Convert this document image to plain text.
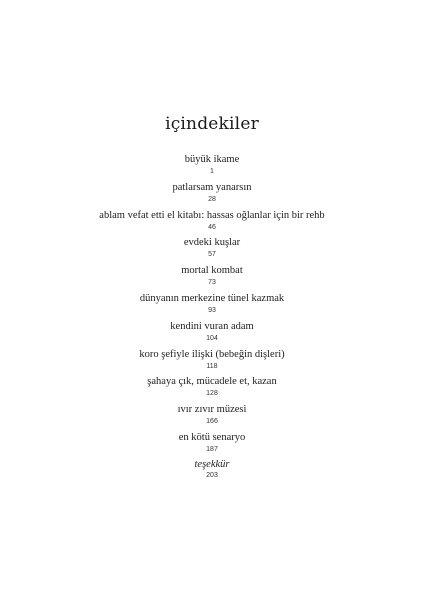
içindekiler
büyük ikame
1
patlarsam yanarsın
28
ablam vefat etti el kitabı: hassas oğlanlar için bir rehb
46
evdeki kuşlar
57
mortal kombat
73
dünyanın merkezine tünel kazmak
93
kendini vuran adam
104
koro şefiyle ilişki (bebeğin dişleri)
118
şahaya çık, mücadele et, kazan
128
ıvır zıvır müzesi
166
en kötü senaryo
187
teşekkür
203
